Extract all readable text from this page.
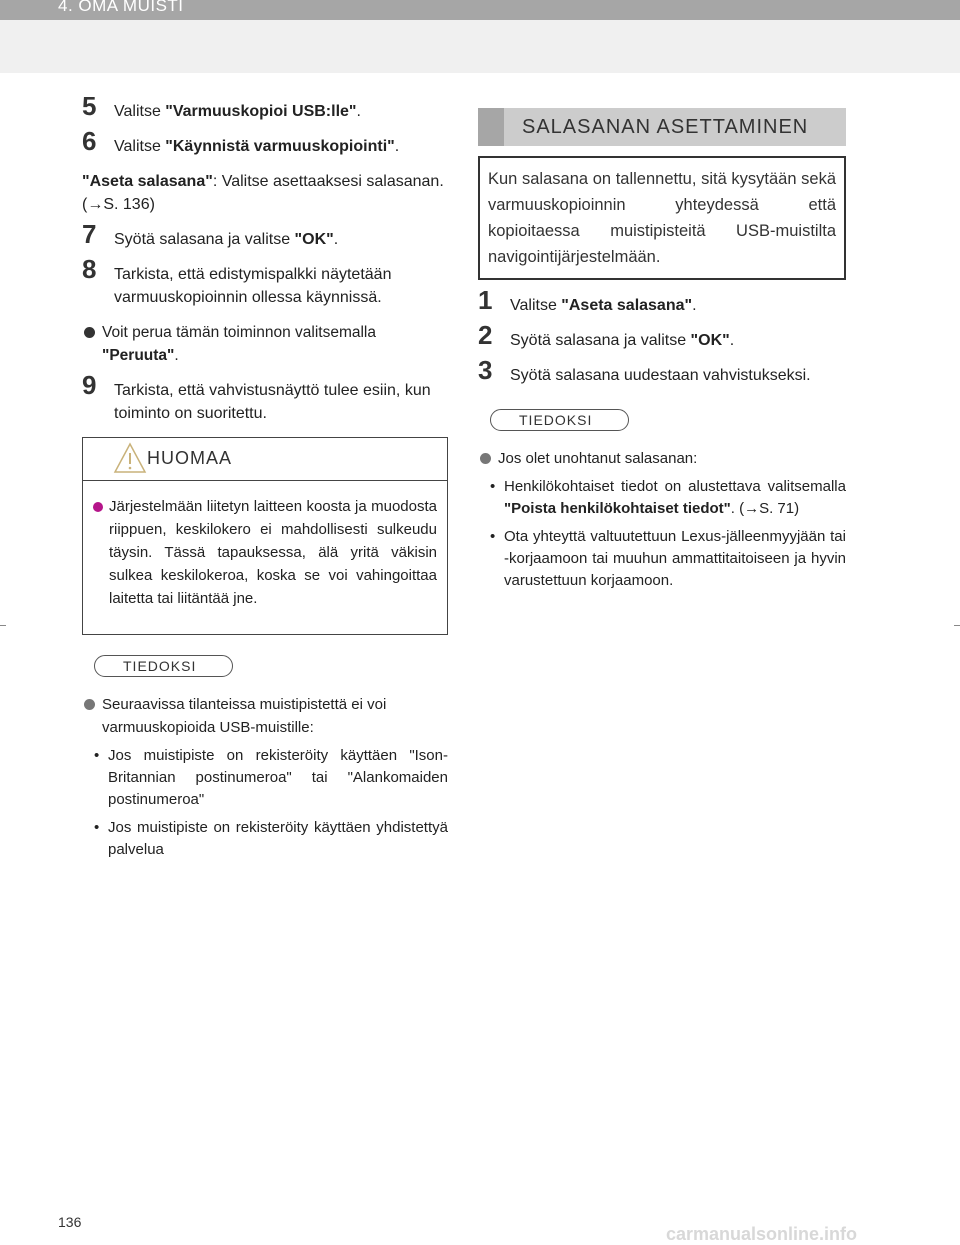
4. OMA MUISTI
5 Valitse "Varmuuskopioi USB:lle".
6 Valitse "Käynnistä varmuuskopiointi".

"Aseta salasana": Valitse asettaaksesi salasanan. (→S. 136)

7 Syötä salasana ja valitse "OK".
8 Tarkista, että edistymispalkki näytetään varmuuskopioinnin ollessa käynnissä.
Voit perua tämän toiminnon valitsemalla "Peruuta".
9 Tarkista, että vahvistusnäyttö tulee esiin, kun toiminto on suoritettu.
HUOMAA
Järjestelmään liitetyn laitteen koosta ja muodosta riippuen, keskilokero ei mahdollisesti sulkeudu täysin. Tässä tapauksessa, älä yritä väkisin sulkea keskilokeroa, koska se voi vahingoittaa laitetta tai liitäntää jne.
TIEDOKSI
Seuraavissa tilanteissa muistipistettä ei voi varmuuskopioida USB-muistille:
• Jos muistipiste on rekisteröity käyttäen "Ison-Britannian postinumeroa" tai "Alankomaiden postinumeroa"
• Jos muistipiste on rekisteröity käyttäen yhdistettyä palvelua
SALASANAN ASETTAMINEN
Kun salasana on tallennettu, sitä kysytään sekä varmuuskopioinnin yhteydessä että kopioitaessa muistipisteitä USB-muistilta navigointijärjestelmään.
1 Valitse "Aseta salasana".
2 Syötä salasana ja valitse "OK".
3 Syötä salasana uudestaan vahvistukseksi.
TIEDOKSI
Jos olet unohtanut salasanan:
• Henkilökohtaiset tiedot on alustettava valitsemalla "Poista henkilökohtaiset tiedot". (→S. 71)
• Ota yhteyttä valtuutettuun Lexus-jälleenmyyjään tai -korjaamoon tai muuhun ammattitaitoiseen ja hyvin varustettuun korjaamoon.
136
carmanualsonline.info
